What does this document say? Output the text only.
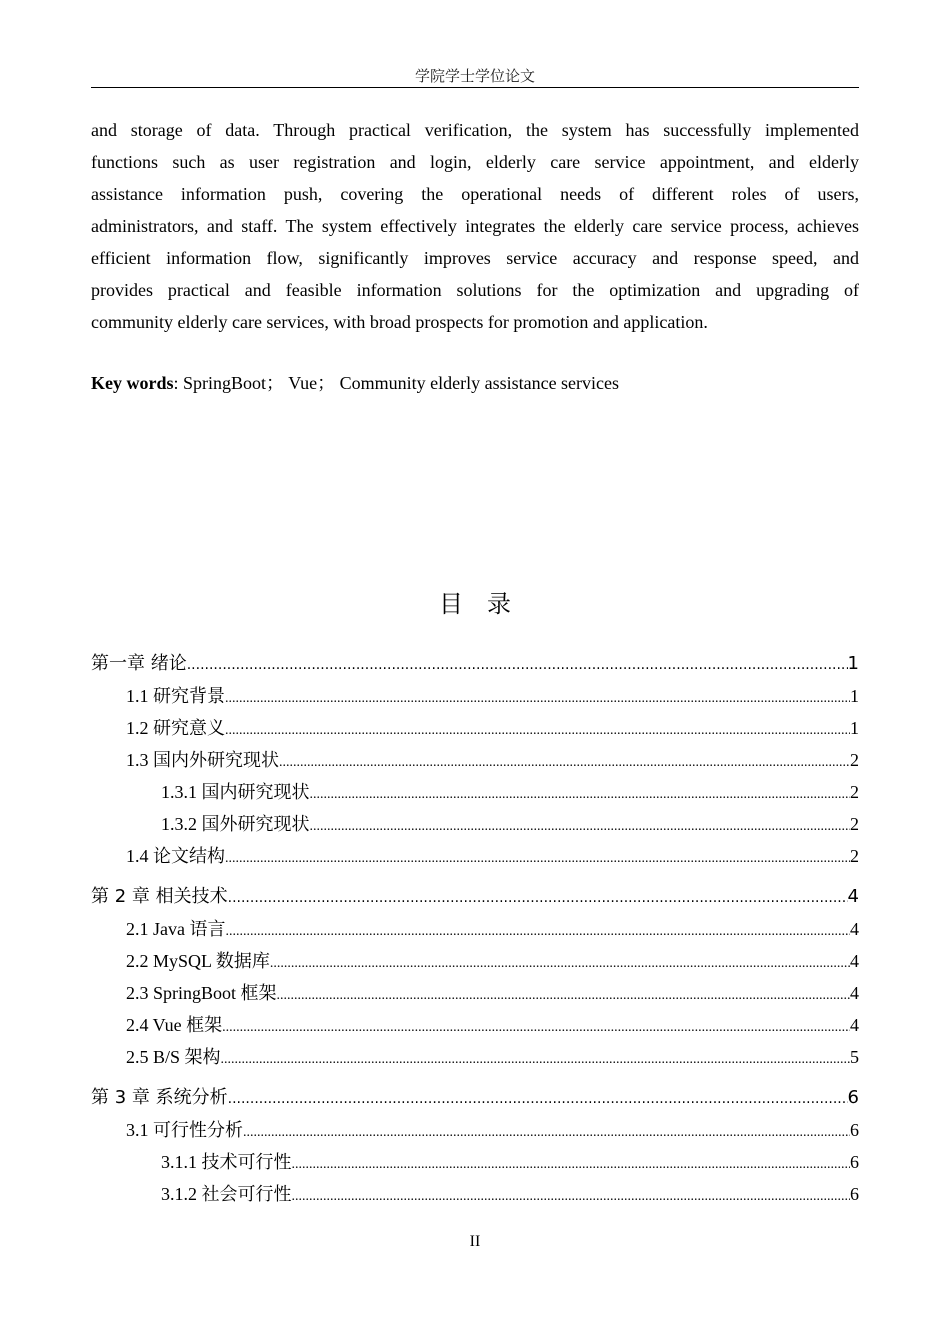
学院学士学位论文
and storage of data. Through practical verification, the system has successfully implemented
functions such as user registration and login, elderly care service appointment, and elderly
assistance information push, covering the operational needs of different roles of users,
administrators, and staff. The system effectively integrates the elderly care service process, achieves
efficient information flow, significantly improves service accuracy and response speed, and
provides practical and feasible information solutions for the optimization and upgrading of
community elderly care services, with broad prospects for promotion and application.
Key words: SpringBoot； Vue； Community elderly assistance services
目录
第一章 绪论 .....	1
1.1 研究背景 .....	1
1.2 研究意义 .....	1
1.3 国内外研究现状 .....	2
1.3.1 国内研究现状 .....	2
1.3.2 国外研究现状 .....	2
1.4 论文结构 .....	2
第 2 章 相关技术 .....	4
2.1 Java 语言 .....	4
2.2 MySQL 数据库 .....	4
2.3 SpringBoot 框架 .....	4
2.4 Vue 框架 .....	4
2.5 B/S 架构 .....	5
第 3 章 系统分析 .....	6
3.1 可行性分析 .....	6
3.1.1 技术可行性 .....	6
3.1.2 社会可行性 .....	6
II
